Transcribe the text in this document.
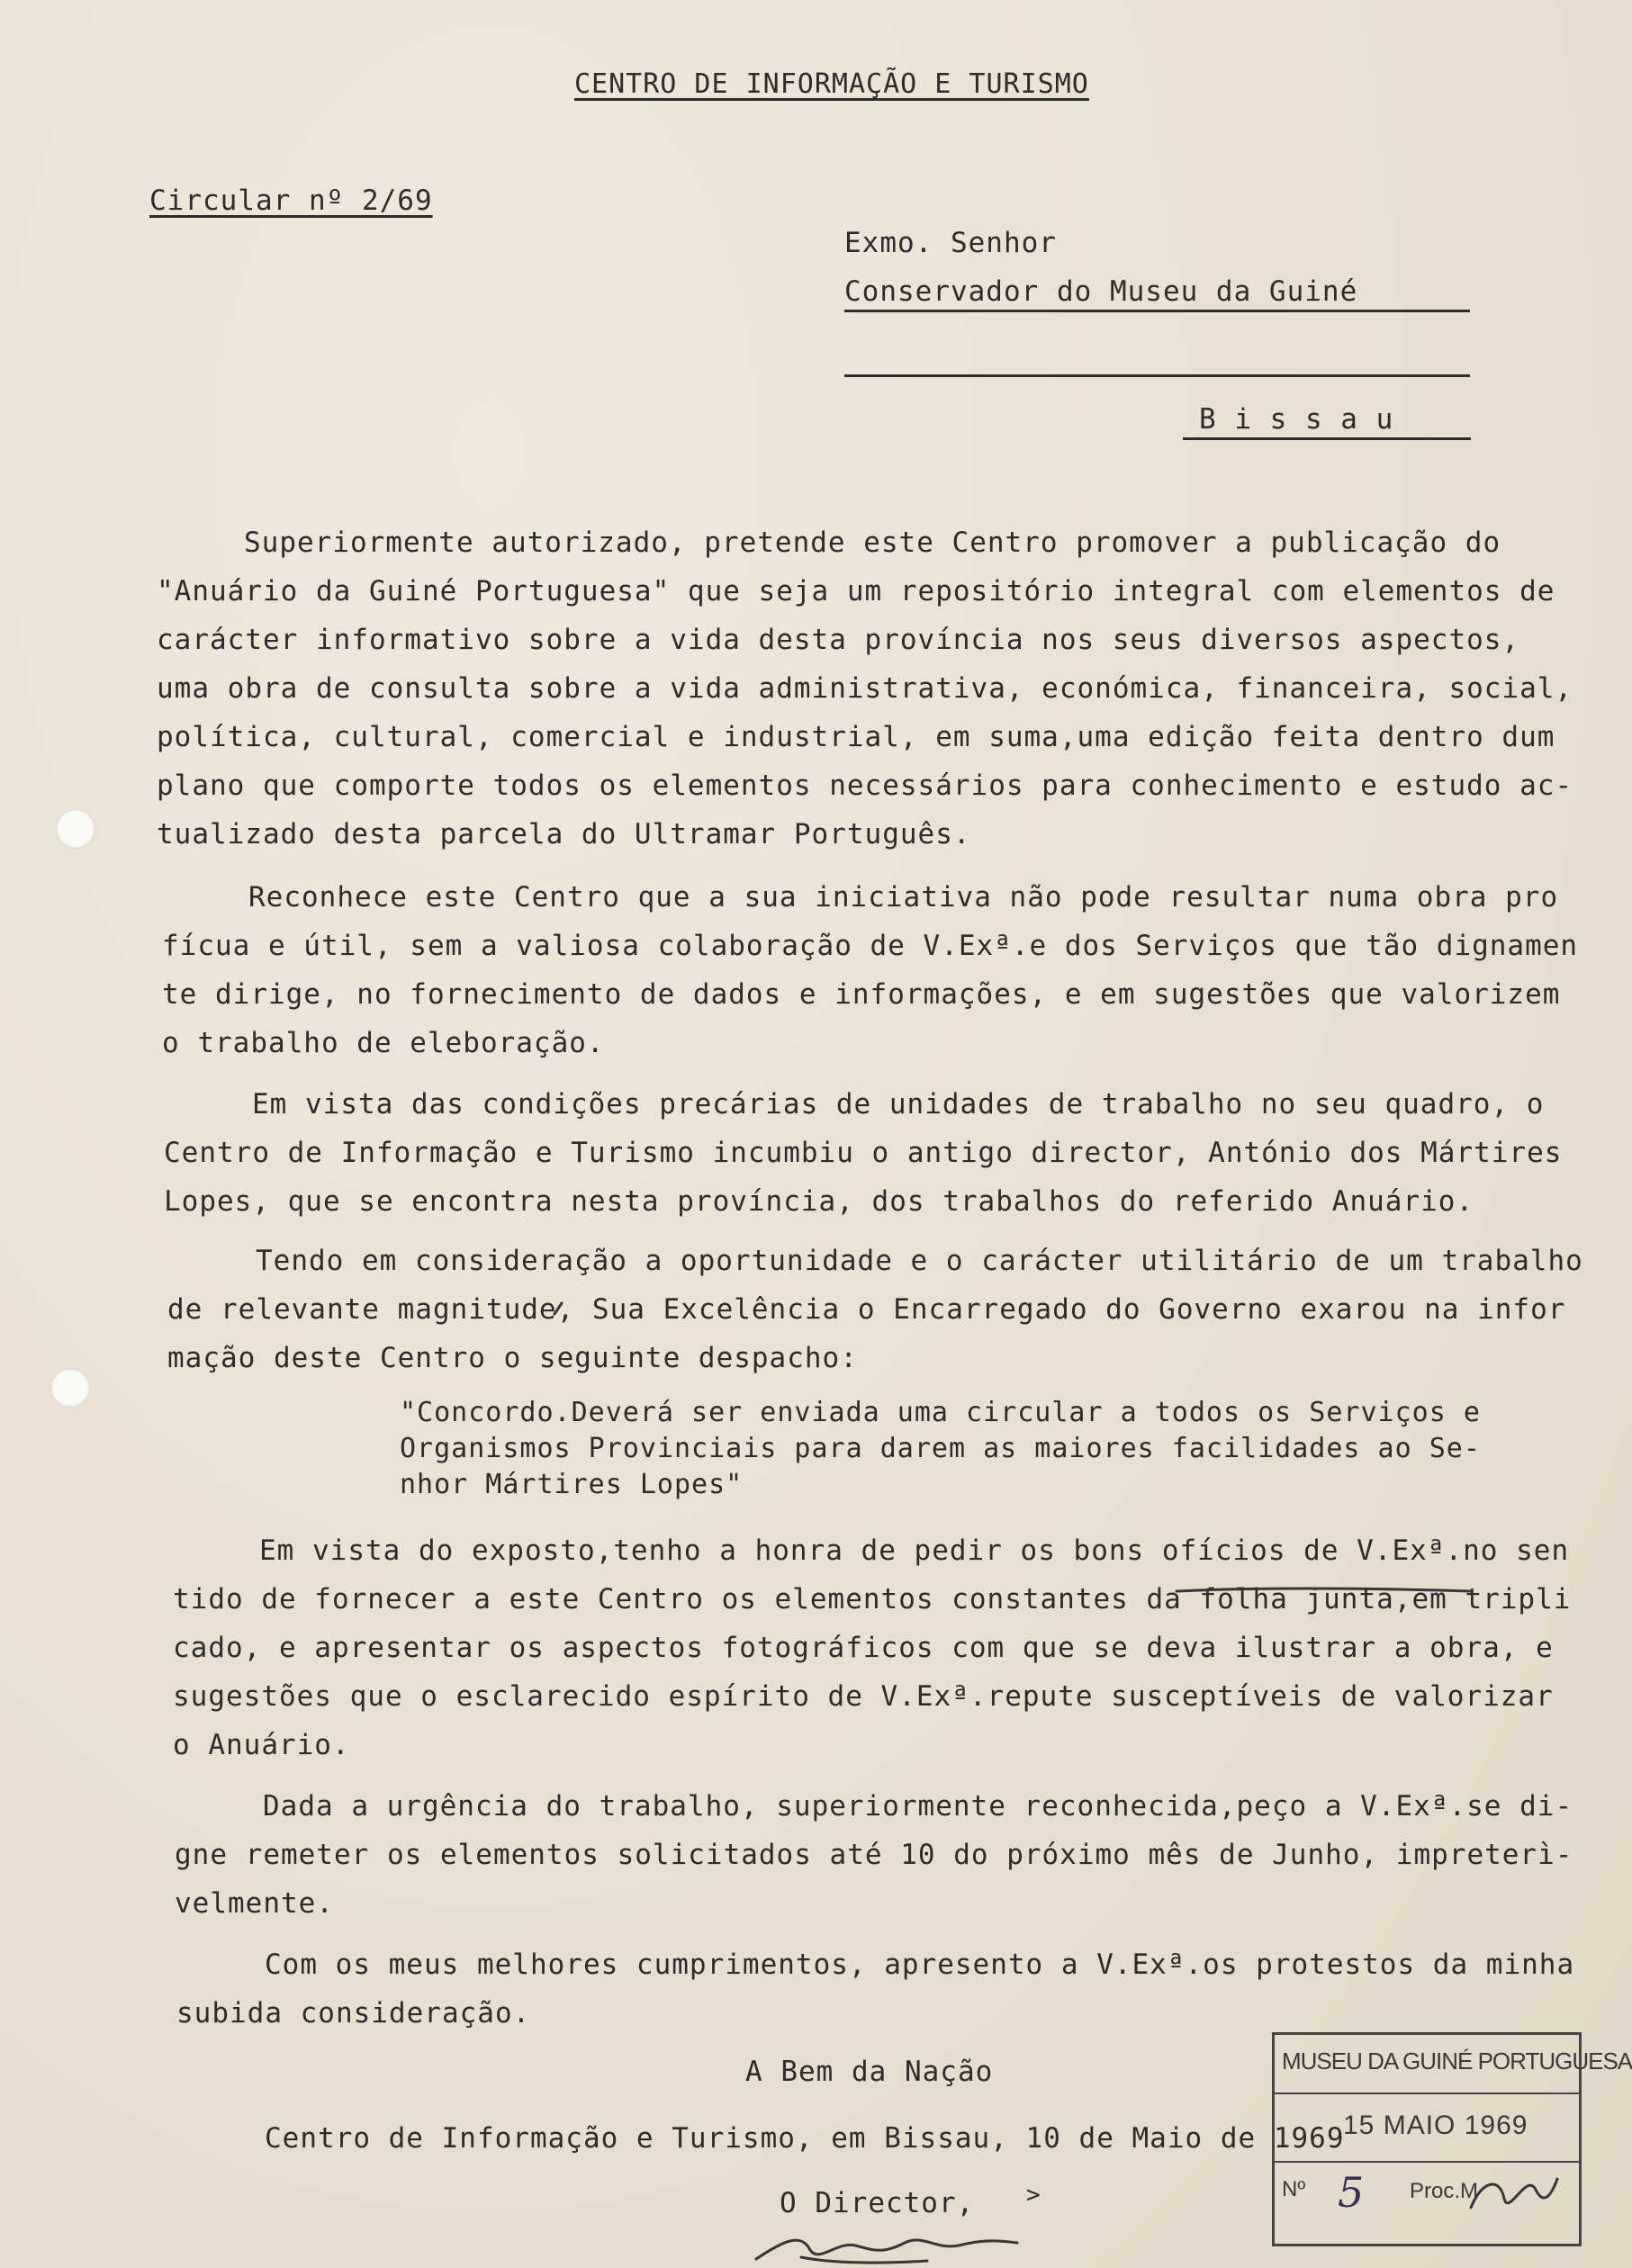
CENTRO DE INFORMAÇÃO E TURISMO
Circular nº 2/69
Exmo. Senhor
Conservador do Museu da Guiné
B i s s a u

Superiormente autorizado, pretende este Centro promover a publicação do

"Anuário da Guiné Portuguesa" que seja um repositório integral com elementos de

carácter informativo sobre a vida desta província nos seus diversos aspectos,

uma obra de consulta sobre a vida administrativa, económica, financeira, social,

política, cultural, comercial e industrial, em suma,uma edição feita dentro dum

plano que comporte todos os elementos necessários para conhecimento e estudo ac-

tualizado desta parcela do Ultramar Português.

Reconhece este Centro que a sua iniciativa não pode resultar numa obra pro

fícua e útil, sem a valiosa colaboração de V.Exª.e dos Serviços que tão dignamen

te dirige, no fornecimento de dados e informações, e em sugestões que valorizem

o trabalho de eleboração.

Em vista das condições precárias de unidades de trabalho no seu quadro, o

Centro de Informação e Turismo incumbiu o antigo director, António dos Mártires

Lopes, que se encontra nesta província, dos trabalhos do referido Anuário.

Tendo em consideração a oportunidade e o carácter utilitário de um trabalho

de relevante magnitude, Sua Excelência o Encarregado do Governo exarou na infor

mação deste Centro o seguinte despacho:

"Concordo.Deverá ser enviada uma circular a todos os Serviços e

Organismos Provinciais para darem as maiores facilidades ao Se-

nhor Mártires Lopes"

Em vista do exposto,tenho a honra de pedir os bons ofícios de V.Exª.no sen

tido de fornecer a este Centro os elementos constantes da folha junta,em tripli

cado, e apresentar os aspectos fotográficos com que se deva ilustrar a obra, e

sugestões que o esclarecido espírito de V.Exª.repute susceptíveis de valorizar

o Anuário.

Dada a urgência do trabalho, superiormente reconhecida,peço a V.Exª.se di-

gne remeter os elementos solicitados até 10 do próximo mês de Junho, impreterì-

velmente.

Com os meus melhores cumprimentos, apresento a V.Exª.os protestos da minha

subida consideração.

A Bem da Nação
Centro de Informação e Turismo, em Bissau, 10 de Maio de 1969
O Director, >
MUSEU DA GUINÉ PORTUGUESA
15 MAIO 1969
Nº 5 Proc.M
